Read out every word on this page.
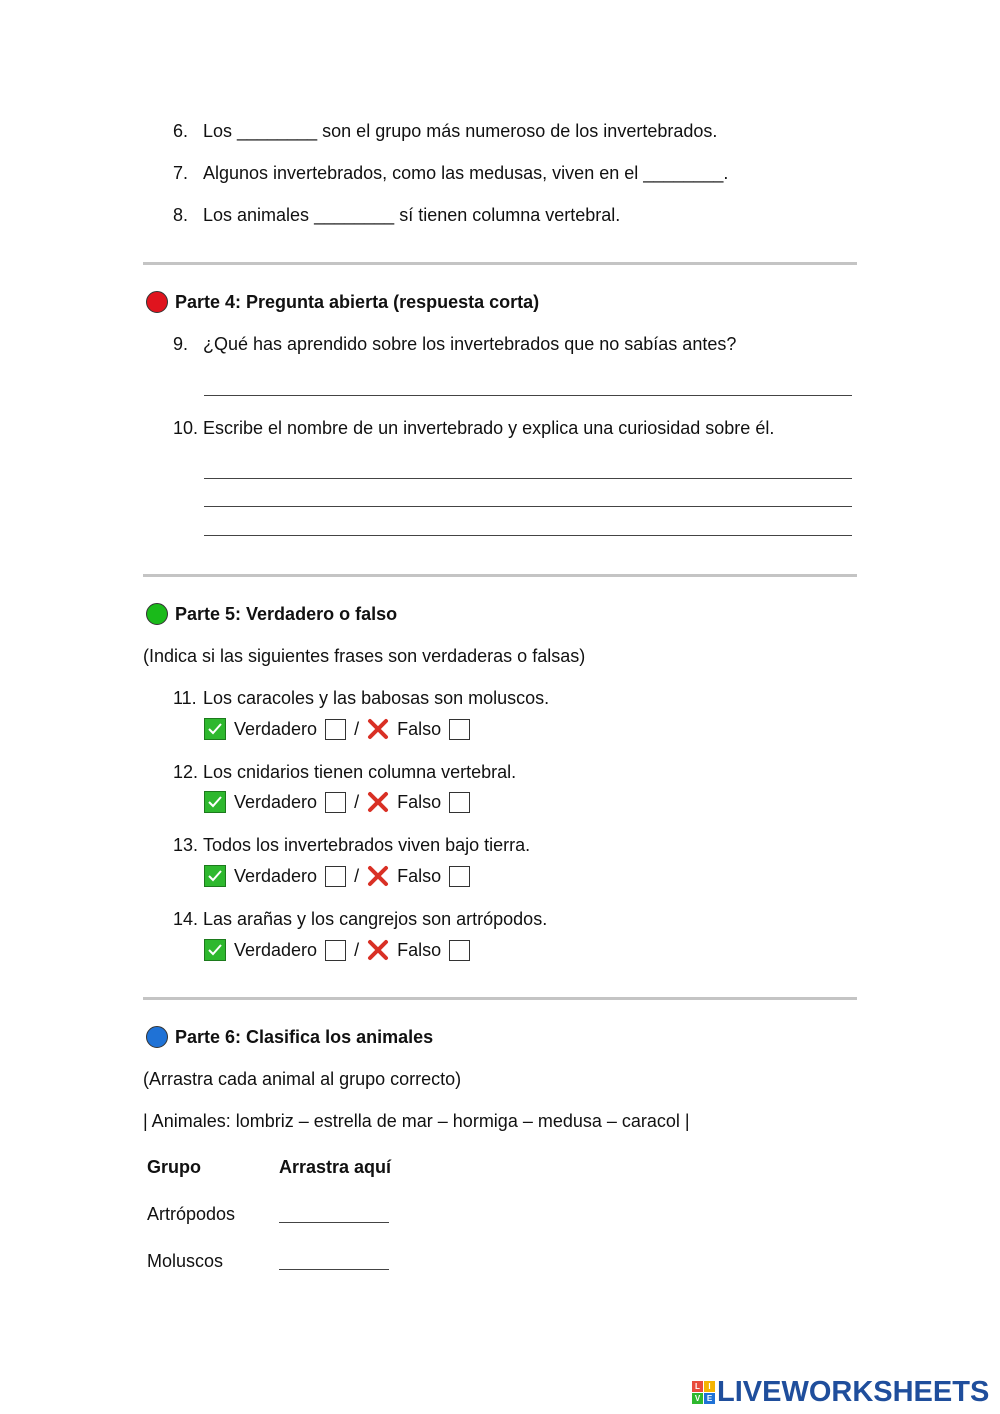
6. Los ________ son el grupo más numeroso de los invertebrados.
7. Algunos invertebrados, como las medusas, viven en el ________.
8. Los animales ________ sí tienen columna vertebral.
Parte 4: Pregunta abierta (respuesta corta)
9. ¿Qué has aprendido sobre los invertebrados que no sabías antes?
10. Escribe el nombre de un invertebrado y explica una curiosidad sobre él.
Parte 5: Verdadero o falso
(Indica si las siguientes frases son verdaderas o falsas)
11. Los caracoles y las babosas son moluscos.
Verdadero / Falso
12. Los cnidarios tienen columna vertebral.
Verdadero / Falso
13. Todos los invertebrados viven bajo tierra.
Verdadero / Falso
14. Las arañas y los cangrejos son artrópodos.
Verdadero / Falso
Parte 6: Clasifica los animales
(Arrastra cada animal al grupo correcto)
| Animales: lombriz – estrella de mar – hormiga – medusa – caracol |
Grupo	Arrastra aquí
Artrópodos
Moluscos
L	I
V E LIVEWORKSHEETS
